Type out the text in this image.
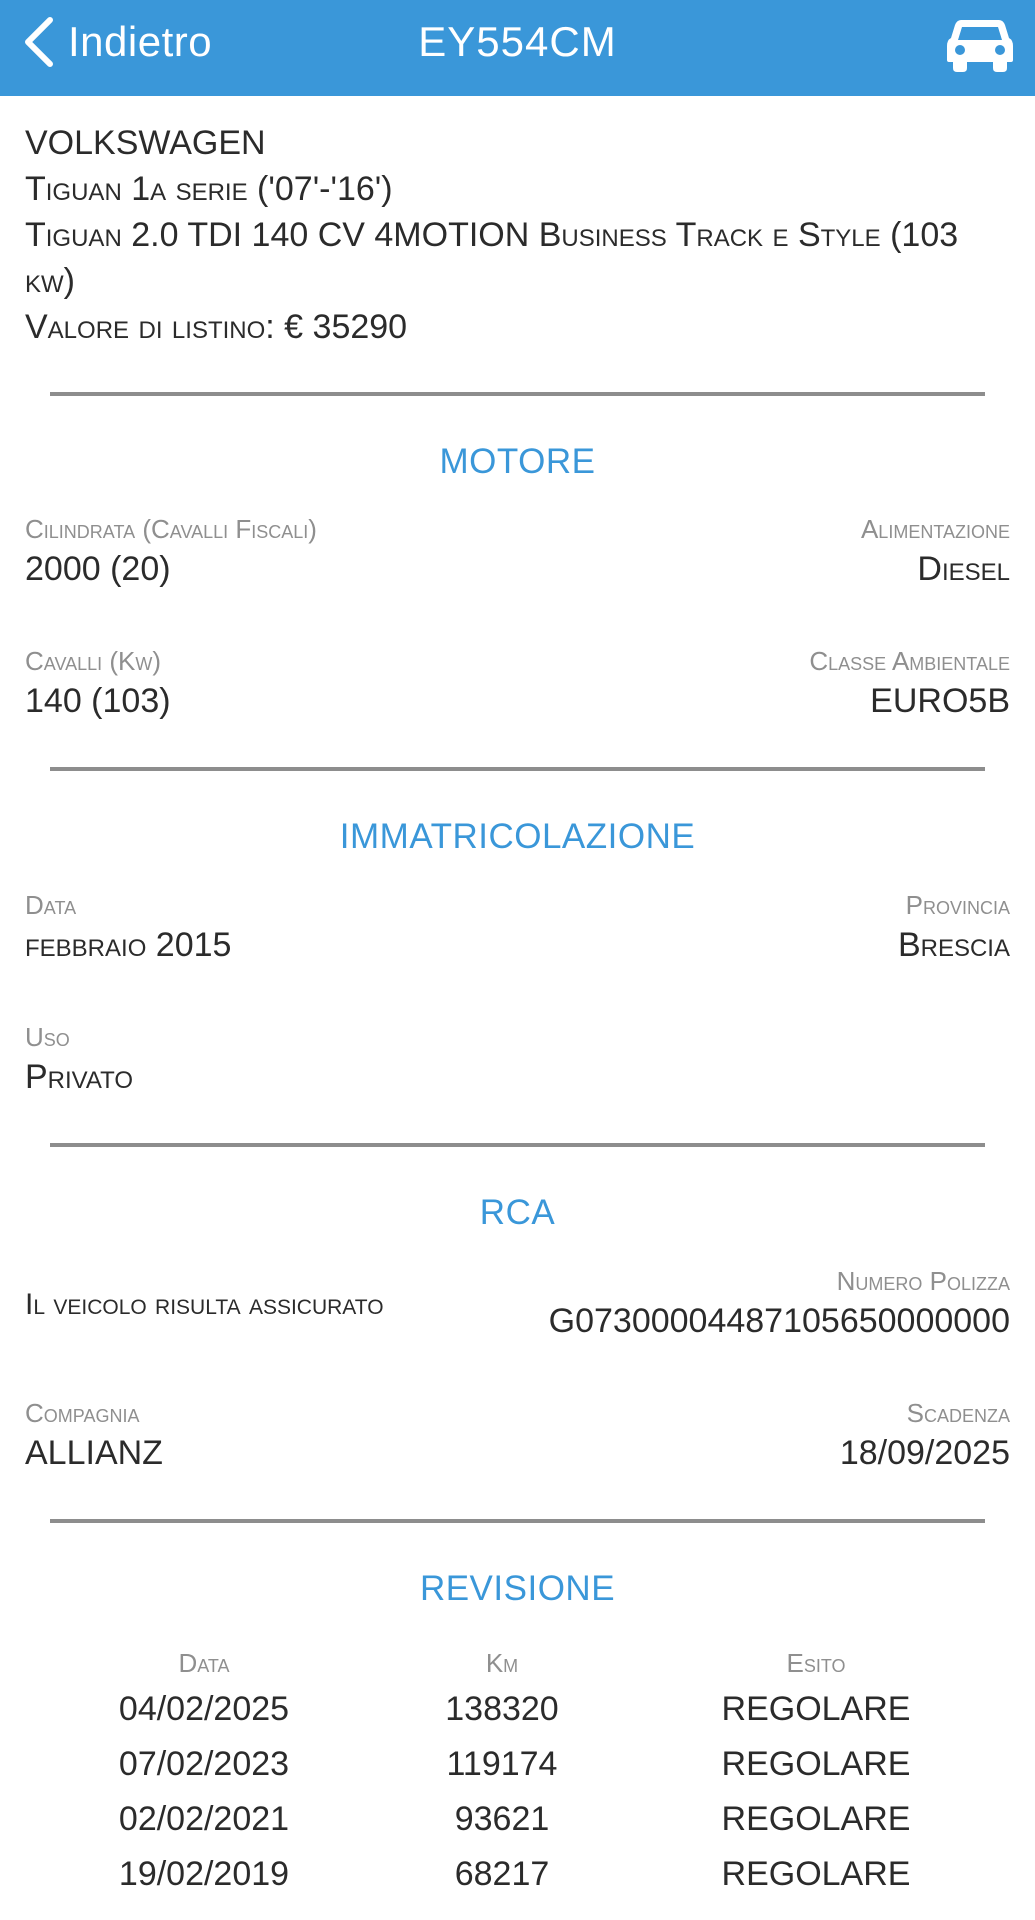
Indietro	EY554CM
VOLKSWAGEN
Tiguan 1a serie ('07'-'16')
Tiguan 2.0 TDI 140 CV 4MOTION Business Track e Style (103
kw)
Valore di listino: € 35290
MOTORE
Cilindrata (Cavalli Fiscali)
2000 (20)
Alimentazione
Diesel
Cavalli (Kw)
140 (103)
Classe Ambientale
EURO5B
IMMATRICOLAZIONE
Data
febbraio 2015
Provincia
Brescia
Uso
Privato
RCA
Il veicolo risulta assicurato
Numero Polizza
G07300004487105650000000
Compagnia
ALLIANZ
Scadenza
18/09/2025
REVISIONE
Data	Km	Esito
04/02/2025	138320	REGOLARE
07/02/2023	119174	REGOLARE
02/02/2021	93621	REGOLARE
19/02/2019	68217	REGOLARE
